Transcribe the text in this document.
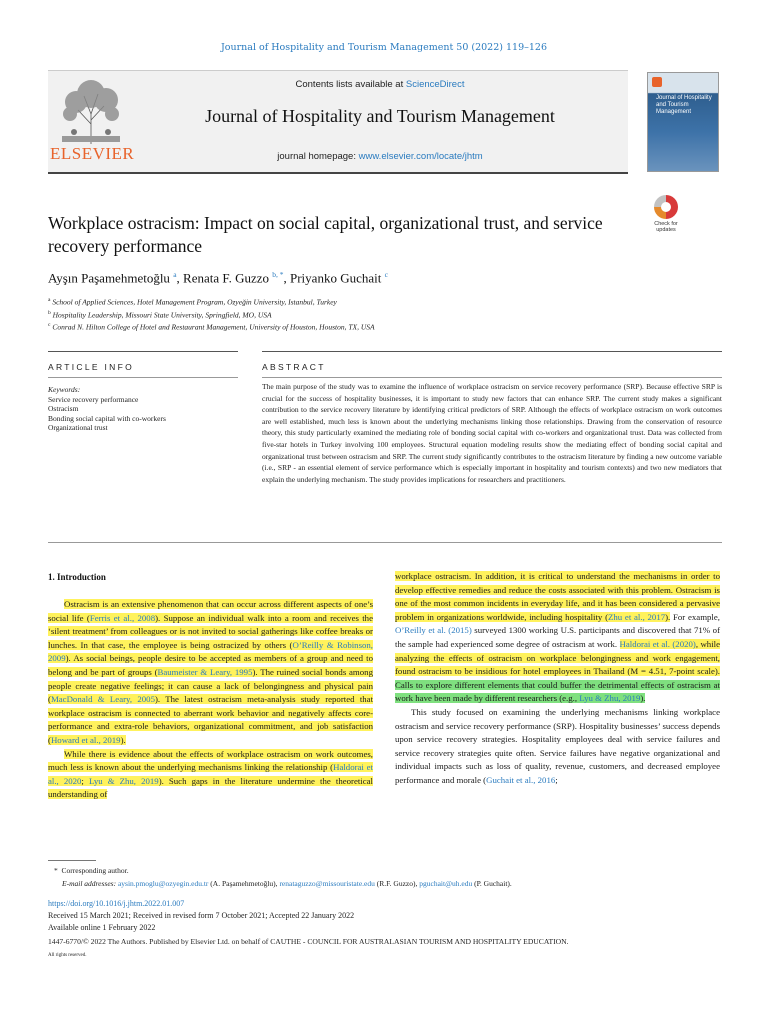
Journal of Hospitality and Tourism Management 50 (2022) 119–126
ELSEVIER
Contents lists available at ScienceDirect
Journal of Hospitality and Tourism Management
journal homepage: www.elsevier.com/locate/jhtm
Journal of Hospitality and Tourism Management
Workplace ostracism: Impact on social capital, organizational trust, and service recovery performance
Check for updates
Ayşın Paşamehmetoğlu $^a$, Renata F. Guzzo $^{b, *}$, Priyanko Guchait $^c$
$^a$ School of Applied Sciences, Hotel Management Program, Ozyeğin University, Istanbul, Turkey
$^b$ Hospitality Leadership, Missouri State University, Springfield, MO, USA
$^c$ Conrad N. Hilton College of Hotel and Restaurant Management, University of Houston, Houston, TX, USA
ARTICLE INFO	ABSTRACT
Keywords:
Service recovery performance
Ostracism
Bonding social capital with co-workers
Organizational trust
The main purpose of the study was to examine the influence of workplace ostracism on service recovery performance (SRP). Because effective SRP is crucial for the success of hospitality businesses, it is important to study new factors that can enhance SRP. The current study makes a significant contribution to the service recovery literature by identifying critical predictors of SRP. Although the effects of workplace ostracism on work outcomes are well established, much less is known about the underlying mechanisms linking those relationships. Drawing from the conservation of resource theory, this study particularly examined the mediating role of bonding social capital with co-workers and organizational trust. Data was collected from five-star hotels in Turkey involving 100 employees. Structural equation modeling results show the mediating effect of bonding social capital and organizational trust between ostracism and SRP. The current study significantly contributes to the ostracism literature by finding a new outcome variable (i.e., SRP - an essential element of service performance which is especially important in hospitality and tourism contexts) and two new mediators that explain the underlying mechanism. The study provides implications for researchers and practitioners.
1. Introduction

Ostracism is an extensive phenomenon that can occur across different aspects of one’s social life (Ferris et al., 2008). Suppose an individual walk into a room and receives the ‘silent treatment’ from colleagues or is not invited to social gatherings like coffee breaks or lunches. In that case, the employee is being ostracized by others (O’Reilly & Robinson, 2009). As social beings, people desire to be accepted as members of a group and need to belong and be part of groups (Baumeister & Leary, 1995). The ruined social bonds among people create negative feelings; it can cause a lack of belongingness and physical pain (MacDonald & Leary, 2005). The latest ostracism meta-analysis study reported that workplace ostracism is connected to aberrant work behavior and negatively affects core-performance and extra-role behaviors, organizational commitment, and job satisfaction (Howard et al., 2019).

While there is evidence about the effects of workplace ostracism on work outcomes, much less is known about the underlying mechanisms linking the relationship (Haldorai et al., 2020; Lyu & Zhu, 2019). Such gaps in the literature undermine the theoretical understanding of

workplace ostracism. In addition, it is critical to understand the mechanisms in order to develop effective remedies and reduce the costs associated with this problem. Ostracism is one of the most common incidents in everyday life, and it has been considered a pervasive problem in organizations worldwide, including hospitality (Zhu et al., 2017). For example, O’Reilly et al. (2015) surveyed 1300 working U.S. participants and discovered that 71% of the sample had experienced some degree of ostracism at work. Haldorai et al. (2020), while analyzing the effects of ostracism on workplace belongingness and work engagement, found ostracism to be insidious for hotel employees in Thailand (M = 4.51, 7-point scale). Calls to explore different elements that could buffer the detrimental effects of ostracism at work have been made by different researchers (e.g., Lyu & Zhu, 2019).

This study focused on examining the underlying mechanisms linking workplace ostracism and service recovery performance (SRP). Hospitality businesses’ success depends upon service recovery strategies. Hospitality employees deal with service failures and service recovery strategies quite often. Service failures have negative organizational and individual impacts such as loss of quality, revenue, customers, and decreased employee performance and morale (Guchait et al., 2016;

* Corresponding author.
E-mail addresses: aysin.pmoglu@ozyegin.edu.tr (A. Paşamehmetoğlu), renataguzzo@missouristate.edu (R.F. Guzzo), pguchait@uh.edu (P. Guchait).
https://doi.org/10.1016/j.jhtm.2022.01.007
Received 15 March 2021; Received in revised form 7 October 2021; Accepted 22 January 2022
Available online 1 February 2022
1447-6770/© 2022 The Authors. Published by Elsevier Ltd. on behalf of CAUTHE - COUNCIL FOR AUSTRALASIAN TOURISM AND HOSPITALITY EDUCATION.
All rights reserved.
